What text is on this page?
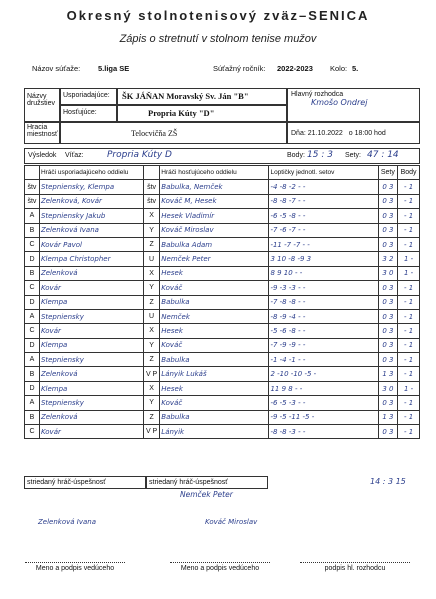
Okresný stolnotenisový zväz–SENICA
Zápis o stretnutí v stolnom tenise mužov
Názov súťaže: 5.liga SE	Súťažný ročník: 2022-2023 Kolo: 5.
Názvy družstiev
Usporiadajúce:	ŠK JÁŇAN Moravský Sv. Ján "B"
Hosťujúce:	Propria Kúty "D"
Hracia miestnosť	Telocvičňa ZŠ
Hlavný rozhodca
Kmošo Ondrej
Dňa: 21.10.2022 o 18:00 hod
Výsledok Víťaz:	Propria Kúty D	Body: 15 : 3 Sety: 47 : 14
	Hráči usporiadajúceho oddielu		Hráči hosťujúceho oddielu	Loptičky jednotl. setov	Sety	Body
štv	Stepniensky, Klempa	štv	Babulka, Nemček	-4 -8 -2 - -	0 3	- 1
štv	Zelenková, Kovár	štv	Kováč M, Hesek	-8 -8 -7 - -	0 3	- 1
A	Stepniensky Jakub	X	Hesek Vladimír	-6 -5 -8 - -	0 3	- 1
B	Zelenková Ivana	Y	Kováč Miroslav	-7 -6 -7 - -	0 3	- 1
C	Kovár Pavol	Z	Babulka Adam	-11 -7 -7 - -	0 3	- 1
D	Klempa Christopher	U	Nemček Peter	3 10 -8 -9 3	3 2	1 -
B	Zelenková	X	Hesek	8 9 10 - -	3 0	1 -
C	Kovár	Y	Kováč	-9 -3 -3 - -	0 3	- 1
D	Klempa	Z	Babulka	-7 -8 -8 - -	0 3	- 1
A	Stepniensky	U	Nemček	-8 -9 -4 - -	0 3	- 1
C	Kovár	X	Hesek	-5 -6 -8 - -	0 3	- 1
D	Klempa	Y	Kováč	-7 -9 -9 - -	0 3	- 1
A	Stepniensky	Z	Babulka	-1 -4 -1 - -	0 3	- 1
B	Zelenková	V P	Lányik Lukáš	2 -10 -10 -5 -	1 3	- 1
D	Klempa	X	Hesek	11 9 8 - -	3 0	1 -
A	Stepniensky	Y	Kováč	-6 -5 -3 - -	0 3	- 1
B	Zelenková	Z	Babulka	-9 -5 -11 -5 -	1 3	- 1
C	Kovár	V P	Lányik	-8 -8 -3 - -	0 3	- 1
striedaný hráč-úspešnosť	striedaný hráč-úspešnosť
Nemček Peter
14 : 3 15
Zelenková Ivana	Kováč Miroslav
Meno a podpis vedúceho	Meno a podpis vedúceho	podpis hl. rozhodcu
